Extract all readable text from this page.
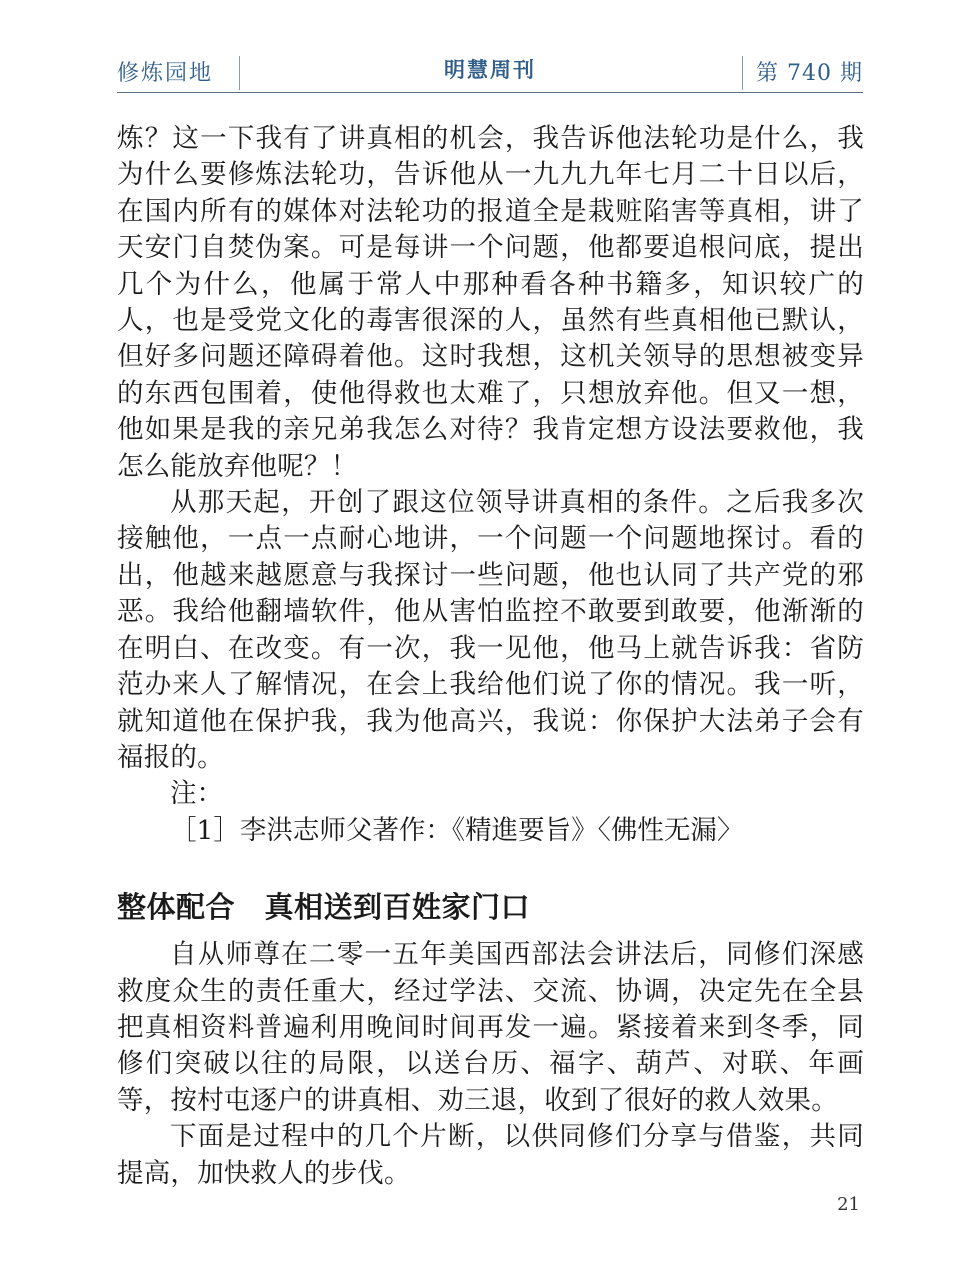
修炼园地	明慧周刊	第 740 期

炼？这一下我有了讲真相的机会，我告诉他法轮功是什么，我为什么要修炼法轮功，告诉他从一九九九年七月二十日以后，在国内所有的媒体对法轮功的报道全是栽赃陷害等真相，讲了天安门自焚伪案。可是每讲一个问题，他都要追根问底，提出几个为什么，他属于常人中那种看各种书籍多，知识较广的人，也是受党文化的毒害很深的人，虽然有些真相他已默认，但好多问题还障碍着他。这时我想，这机关领导的思想被变异的东西包围着，使他得救也太难了，只想放弃他。但又一想，他如果是我的亲兄弟我怎么对待？我肯定想方设法要救他，我怎么能放弃他呢？！

从那天起，开创了跟这位领导讲真相的条件。之后我多次接触他，一点一点耐心地讲，一个问题一个问题地探讨。看的出，他越来越愿意与我探讨一些问题，他也认同了共产党的邪恶。我给他翻墙软件，他从害怕监控不敢要到敢要，他渐渐的在明白、在改变。有一次，我一见他，他马上就告诉我：省防范办来人了解情况，在会上我给他们说了你的情况。我一听，就知道他在保护我，我为他高兴，我说：你保护大法弟子会有福报的。

注：

［1］李洪志师父著作：《精進要旨》〈佛性无漏〉

整体配合　真相送到百姓家门口

自从师尊在二零一五年美国西部法会讲法后，同修们深感救度众生的责任重大，经过学法、交流、协调，决定先在全县把真相资料普遍利用晚间时间再发一遍。紧接着来到冬季，同修们突破以往的局限，以送台历、福字、葫芦、对联、年画等，按村屯逐户的讲真相、劝三退，收到了很好的救人效果。

下面是过程中的几个片断，以供同修们分享与借鉴，共同提高，加快救人的步伐。

21
